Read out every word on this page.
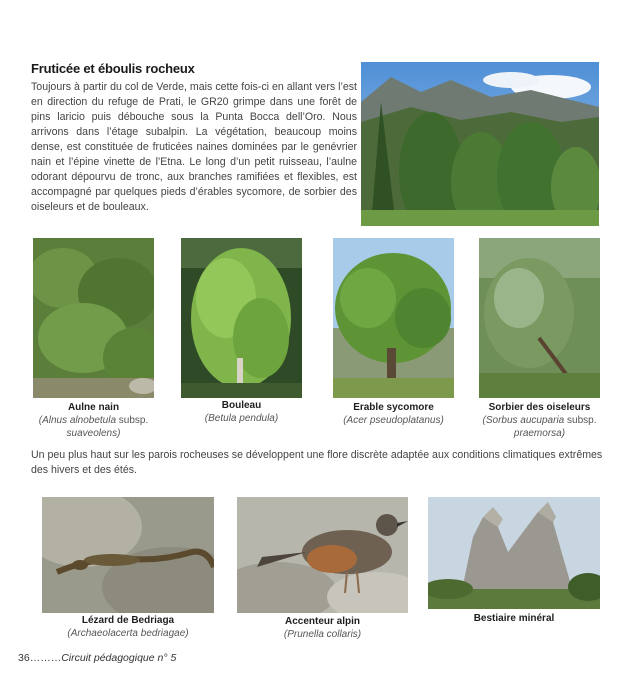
Fruticée et éboulis rocheux

Toujours à partir du col de Verde, mais cette fois-ci en allant vers l’est en direction du refuge de Prati, le GR20 grimpe dans une forêt de pins laricio puis débouche sous la Punta Bocca dell’Oro. Nous arrivons dans l’étage subalpin. La végétation, beaucoup moins dense, est constituée de fruticées naines dominées par le genévrier nain et l’épine vinette de l’Etna. Le long d’un petit ruisseau, l’aulne odorant dépourvu de tronc, aux branches ramifiées et flexibles, est accompagné par quelques pieds d’érables sycomore, de sorbier des oiseleurs et de bouleaux.

Aulne nain
(Alnus alnobetula subsp. suaveolens)
Bouleau
(Betula pendula)
Erable sycomore
(Acer pseudoplatanus)
Sorbier des oiseleurs
(Sorbus aucuparia subsp. praemorsa)

Un peu plus haut sur les parois rocheuses se développent une flore discrète adaptée aux conditions climatiques extrêmes des hivers et des étés.

Lézard de Bedriaga
(Archaeolacerta bedriagae)
Accenteur alpin
(Prunella collaris)
Bestiaire minéral
36………Circuit pédagogique n° 5
